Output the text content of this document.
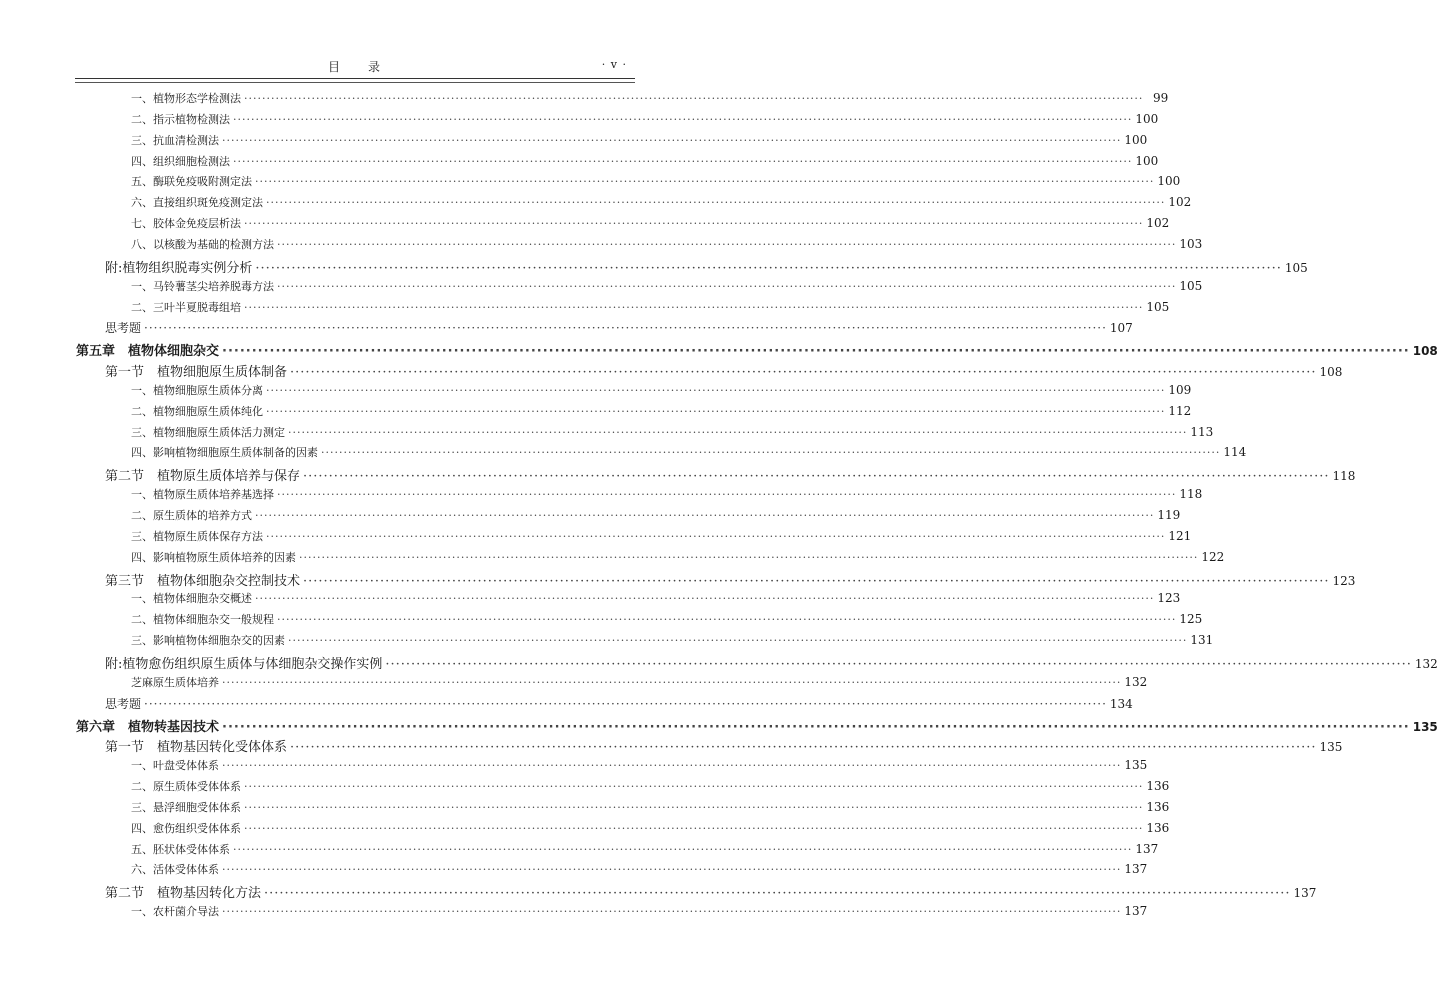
目 录	· v ·
一、植物形态学检测法 ········································································································································································································ 99
二、指示植物检测法 ········································································································································································································ 100
三、抗血清检测法 ········································································································································································································ 100
四、组织细胞检测法 ········································································································································································································ 100
五、酶联免疫吸附测定法 ········································································································································································································ 100
六、直接组织斑免疫测定法 ········································································································································································································ 102
七、胶体金免疫层析法 ········································································································································································································ 102
八、以核酸为基础的检测方法 ········································································································································································································ 103
附:植物组织脱毒实例分析 ········································································································································································································ 105
一、马铃薯茎尖培养脱毒方法 ········································································································································································································ 105
二、三叶半夏脱毒组培 ········································································································································································································ 105
思考题 ········································································································································································································ 107
第五章　植物体细胞杂交 ········································································································································································································ 108
第一节　植物细胞原生质体制备 ········································································································································································································ 108
一、植物细胞原生质体分离 ········································································································································································································ 109
二、植物细胞原生质体纯化 ········································································································································································································ 112
三、植物细胞原生质体活力测定 ········································································································································································································ 113
四、影响植物细胞原生质体制备的因素 ········································································································································································································ 114
第二节　植物原生质体培养与保存 ········································································································································································································ 118
一、植物原生质体培养基选择 ········································································································································································································ 118
二、原生质体的培养方式 ········································································································································································································ 119
三、植物原生质体保存方法 ········································································································································································································ 121
四、影响植物原生质体培养的因素 ········································································································································································································ 122
第三节　植物体细胞杂交控制技术 ········································································································································································································ 123
一、植物体细胞杂交概述 ········································································································································································································ 123
二、植物体细胞杂交一般规程 ········································································································································································································ 125
三、影响植物体细胞杂交的因素 ········································································································································································································ 131
附:植物愈伤组织原生质体与体细胞杂交操作实例 ········································································································································································································ 132
芝麻原生质体培养 ········································································································································································································ 132
思考题 ········································································································································································································ 134
第六章　植物转基因技术 ········································································································································································································ 135
第一节　植物基因转化受体体系 ········································································································································································································ 135
一、叶盘受体体系 ········································································································································································································ 135
二、原生质体受体体系 ········································································································································································································ 136
三、悬浮细胞受体体系 ········································································································································································································ 136
四、愈伤组织受体体系 ········································································································································································································ 136
五、胚状体受体体系 ········································································································································································································ 137
六、活体受体体系 ········································································································································································································ 137
第二节　植物基因转化方法 ········································································································································································································ 137
一、农杆菌介导法 ········································································································································································································ 137
